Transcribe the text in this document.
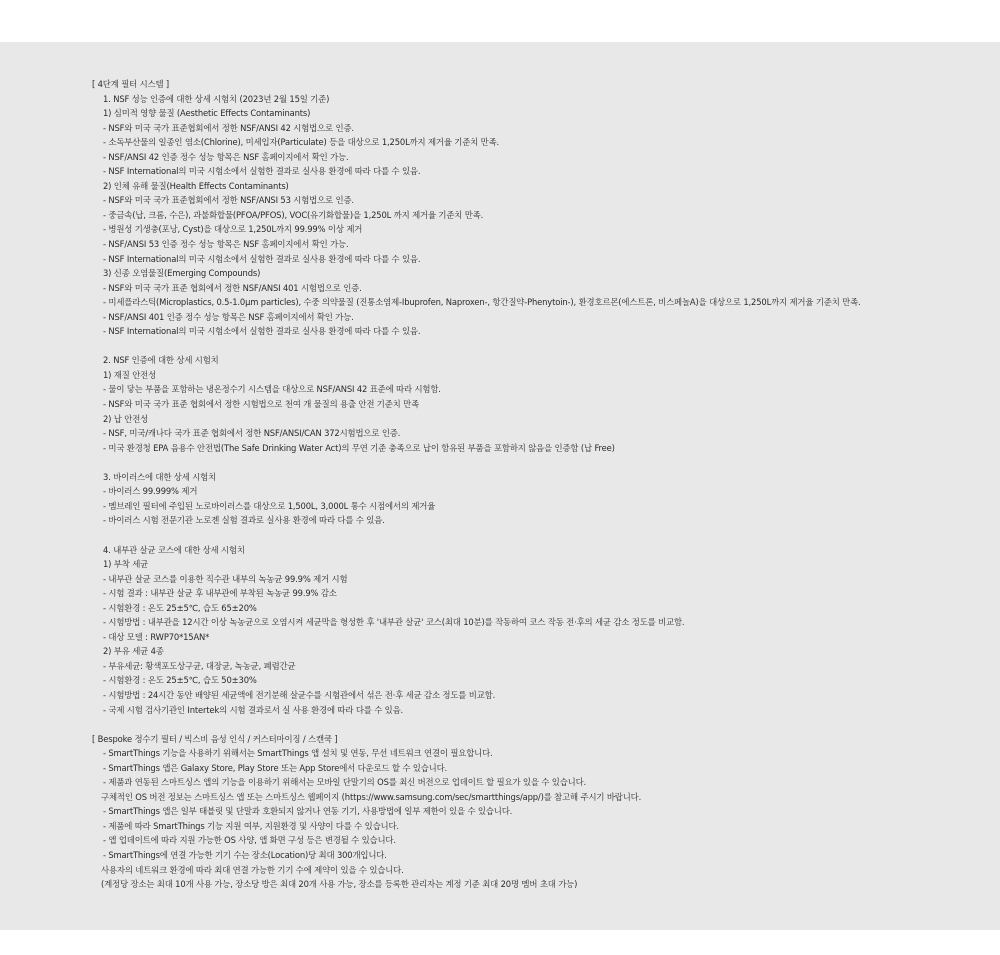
[ 4단계 필터 시스템 ]
1. NSF 성능 인증에 대한 상세 시험치 (2023년 2월 15일 기준)
1) 심미적 영향 물질 (Aesthetic Effects Contaminants)
- NSF와 미국 국가 표준협회에서 정한 NSF/ANSI 42 시험법으로 인증.
- 소독부산물의 일종인 염소(Chlorine), 미세입자(Particulate) 등을 대상으로 1,250L까지 제거율 기준치 만족.
- NSF/ANSI 42 인증 정수 성능 항목은 NSF 홈페이지에서 확인 가능.
- NSF International의 미국 시험소에서 실험한 결과로 실사용 환경에 따라 다를 수 있음.
2) 인체 유해 물질(Health Effects Contaminants)
- NSF와 미국 국가 표준협회에서 정한 NSF/ANSI 53 시험법으로 인증.
- 중금속(납, 크롬, 수은), 과불화합물(PFOA/PFOS), VOC(유기화합물)을 1,250L 까지 제거율 기준치 만족.
- 병원성 기생충(포낭, Cyst)을 대상으로 1,250L까지 99.99% 이상 제거
- NSF/ANSI 53 인증 정수 성능 항목은 NSF 홈페이지에서 확인 가능.
- NSF International의 미국 시험소에서 실험한 결과로 실사용 환경에 따라 다를 수 있음.
3) 신종 오염물질(Emerging Compounds)
- NSF와 미국 국가 표준 협회에서 정한 NSF/ANSI 401 시험법으로 인증.
- 미세플라스틱(Microplastics, 0.5-1.0μm particles), 수중 의약물질 (진통소염제-Ibuprofen, Naproxen-, 항간질약-Phenytoin-), 환경호르몬(에스트론, 비스페놀A)을 대상으로 1,250L까지 제거율 기준치 만족.
- NSF/ANSI 401 인증 정수 성능 항목은 NSF 홈페이지에서 확인 가능.
- NSF International의 미국 시험소에서 실험한 결과로 실사용 환경에 따라 다를 수 있음.
2. NSF 인증에 대한 상세 시험치
1) 재질 안전성
- 물이 닿는 부품을 포함하는 냉온정수기 시스템을 대상으로 NSF/ANSI 42 표준에 따라 시험함.
- NSF와 미국 국가 표준 협회에서 정한 시험법으로 천여 개 물질의 용출 안전 기준치 만족
2) 납 안전성
- NSF, 미국/캐나다 국가 표준 협회에서 정한 NSF/ANSI/CAN 372시험법으로 인증.
- 미국 환경청 EPA 음용수 안전법(The Safe Drinking Water Act)의 무연 기준 충족으로 납이 함유된 부품을 포함하지 않음을 인증함 (납 Free)
3. 바이러스에 대한 상세 시험치
- 바이러스 99.999% 제거
- 멤브레인 필터에 주입된 노로바이러스를 대상으로 1,500L, 3,000L 통수 시점에서의 제거율
- 바이러스 시험 전문기관 노로젠 실험 결과로 실사용 환경에 따라 다를 수 있음.
4. 내부관 살균 코스에 대한 상세 시험치
1) 부착 세균
- 내부관 살균 코스를 이용한 직수관 내부의 녹농균 99.9% 제거 시험
- 시험 결과 : 내부관 살균 후 내부관에 부착된 녹농균 99.9% 감소
- 시험환경 : 온도 25±5℃, 습도 65±20%
- 시험방법 : 내부관을 12시간 이상 녹농균으로 오염시켜 세균막을 형성한 후 '내부관 살균' 코스(최대 10분)를 작동하여 코스 작동 전·후의 세균 감소 정도를 비교함.
- 대상 모델 : RWP70*15AN*
2) 부유 세균 4종
- 부유세균: 황색포도상구균, 대장균, 녹농균, 폐렴간균
- 시험환경 : 온도 25±5℃, 습도 50±30%
- 시험방법 : 24시간 동안 배양된 세균액에 전기분해 살균수를 시험관에서 섞은 전·후 세균 감소 정도를 비교함.
- 국제 시험 검사기관인 Intertek의 시험 결과로서 실 사용 환경에 따라 다를 수 있음.
[ Bespoke 정수기 필터 / 빅스비 음성 인식 / 커스터마이징 / 스캔쿡 ]
- SmartThings 기능을 사용하기 위해서는 SmartThings 앱 설치 및 연동, 무선 네트워크 연결이 필요합니다.
- SmartThings 앱은 Galaxy Store, Play Store 또는 App Store에서 다운로드 할 수 있습니다.
- 제품과 연동된 스마트싱스 앱의 기능을 이용하기 위해서는 모바일 단말기의 OS를 최신 버전으로 업데이트 할 필요가 있을 수 있습니다.
구체적인 OS 버전 정보는 스마트싱스 앱 또는 스마트싱스 웹페이지 (https://www.samsung.com/sec/smartthings/app/)를 참고해 주시기 바랍니다.
- SmartThings 앱은 일부 태블릿 및 단말과 호환되지 않거나 연동 기기, 사용방법에 일부 제한이 있을 수 있습니다.
- 제품에 따라 SmartThings 기능 지원 여부, 지원환경 및 사양이 다를 수 있습니다.
- 앱 업데이트에 따라 지원 가능한 OS 사양, 앱 화면 구성 등은 변경될 수 있습니다.
- SmartThings에 연결 가능한 기기 수는 장소(Location)당 최대 300개입니다.
사용자의 네트워크 환경에 따라 최대 연결 가능한 기기 수에 제약이 있을 수 있습니다.
(계정당 장소는 최대 10개 사용 가능, 장소당 방은 최대 20개 사용 가능, 장소를 등록한 관리자는 계정 기준 최대 20명 멤버 초대 가능)
